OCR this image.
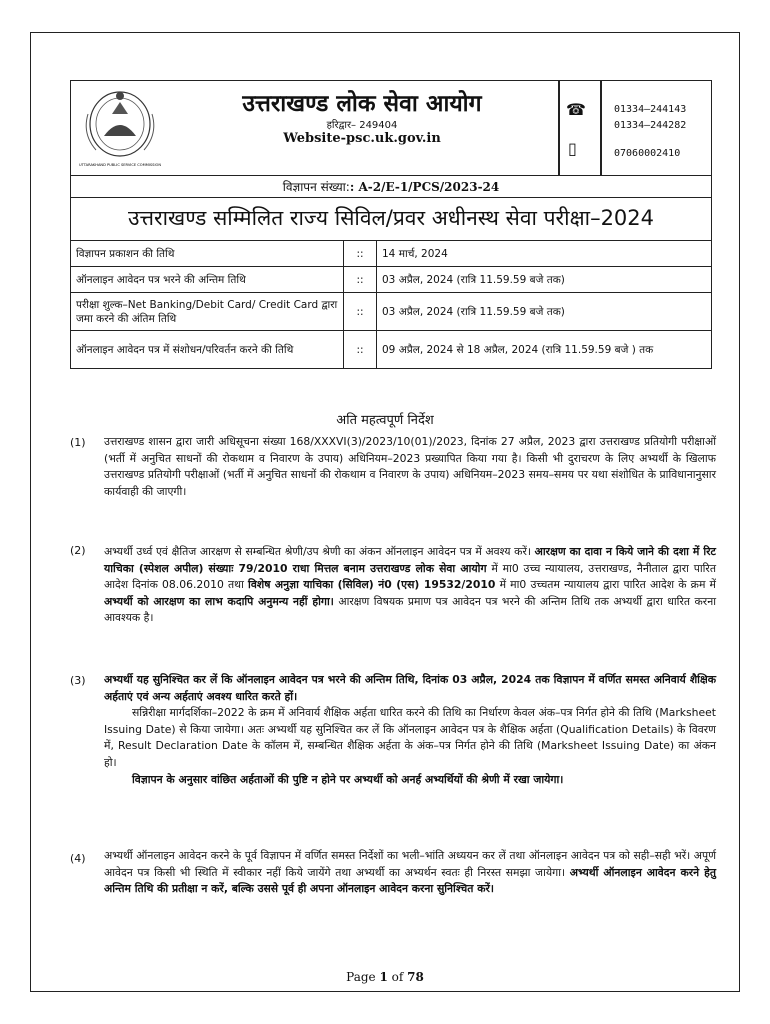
UTTARAKHAND PUBLIC SERVICE COMMISSION
उत्तराखण्ड लोक सेवा आयोग
हरिद्वार– 249404
Website-psc.uk.gov.in
☎
▯
01334–244143
01334–244282
07060002410
विज्ञापन संख्या:: A-2/E-1/PCS/2023-24
उत्तराखण्ड सम्मिलित राज्य सिविल/प्रवर अधीनस्थ सेवा परीक्षा–2024
विज्ञापन प्रकाशन की तिथि	::	14 मार्च, 2024
ऑनलाइन आवेदन पत्र भरने की अन्तिम तिथि	::	03 अप्रैल, 2024 (रात्रि 11.59.59 बजे तक)
परीक्षा शुल्क–Net Banking/Debit Card/ Credit Card द्वारा जमा करने की अंतिम तिथि	::	03 अप्रैल, 2024 (रात्रि 11.59.59 बजे तक)
ऑनलाइन आवेदन पत्र में संशोधन/परिवर्तन करने की तिथि	::	09 अप्रैल, 2024 से 18 अप्रैल, 2024 (रात्रि 11.59.59 बजे ) तक
अति महत्वपूर्ण निर्देश
(1) उत्तराखण्ड शासन द्वारा जारी अधिसूचना संख्या 168/XXXVI(3)/2023/10(01)/2023, दिनांक 27 अप्रैल, 2023 द्वारा उत्तराखण्ड प्रतियोगी परीक्षाओं (भर्ती में अनुचित साधनों की रोकथाम व निवारण के उपाय) अधिनियम–2023 प्रख्यापित किया गया है। किसी भी दुराचरण के लिए अभ्यर्थी के खिलाफ उत्तराखण्ड प्रतियोगी परीक्षाओं (भर्ती में अनुचित साधनों की रोकथाम व निवारण के उपाय) अधिनियम–2023 समय–समय पर यथा संशोधित के प्राविधानानुसार कार्यवाही की जाएगी।
(2) अभ्यर्थी उर्ध्व एवं क्षैतिज आरक्षण से सम्बन्धित श्रेणी/उप श्रेणी का अंकन ऑनलाइन आवेदन पत्र में अवश्य करें। आरक्षण का दावा न किये जाने की दशा में रिट याचिका (स्पेशल अपील) संख्याः 79/2010 राधा मित्तल बनाम उत्तराखण्ड लोक सेवा आयोग में मा0 उच्च न्यायालय, उत्तराखण्ड, नैनीताल द्वारा पारित आदेश दिनांक 08.06.2010 तथा विशेष अनुज्ञा याचिका (सिविल) नं0 (एस) 19532/2010 में मा0 उच्चतम न्यायालय द्वारा पारित आदेश के क्रम में अभ्यर्थी को आरक्षण का लाभ कदापि अनुमन्य नहीं होगा। आरक्षण विषयक प्रमाण पत्र आवेदन पत्र भरने की अन्तिम तिथि तक अभ्यर्थी द्वारा धारित करना आवश्यक है।
(3) अभ्यर्थी यह सुनिश्चित कर लें कि ऑनलाइन आवेदन पत्र भरने की अन्तिम तिथि, दिनांक 03 अप्रैल, 2024 तक विज्ञापन में वर्णित समस्त अनिवार्य शैक्षिक अर्हताएं एवं अन्य अर्हताएं अवश्य धारित करते हों।
सन्निरीक्षा मार्गदर्शिका–2022 के क्रम में अनिवार्य शैक्षिक अर्हता धारित करने की तिथि का निर्धारण केवल अंक–पत्र निर्गत होने की तिथि (Marksheet Issuing Date) से किया जायेगा। अतः अभ्यर्थी यह सुनिश्चित कर लें कि ऑनलाइन आवेदन पत्र के शैक्षिक अर्हता (Qualification Details) के विवरण में, Result Declaration Date के कॉलम में, सम्बन्धित शैक्षिक अर्हता के अंक–पत्र निर्गत होने की तिथि (Marksheet Issuing Date) का अंकन हो।
विज्ञापन के अनुसार वांछित अर्हताओं की पुष्टि न होने पर अभ्यर्थी को अनर्ह अभ्यर्थियों की श्रेणी में रखा जायेगा।
(4) अभ्यर्थी ऑनलाइन आवेदन करने के पूर्व विज्ञापन में वर्णित समस्त निर्देशों का भली–भांति अध्ययन कर लें तथा ऑनलाइन आवेदन पत्र को सही–सही भरें। अपूर्ण आवेदन पत्र किसी भी स्थिति में स्वीकार नहीं किये जायेंगे तथा अभ्यर्थी का अभ्यर्थन स्वतः ही निरस्त समझा जायेगा। अभ्यर्थी ऑनलाइन आवेदन करने हेतु अन्तिम तिथि की प्रतीक्षा न करें, बल्कि उससे पूर्व ही अपना ऑनलाइन आवेदन करना सुनिश्चित करें।
Page 1 of 78
